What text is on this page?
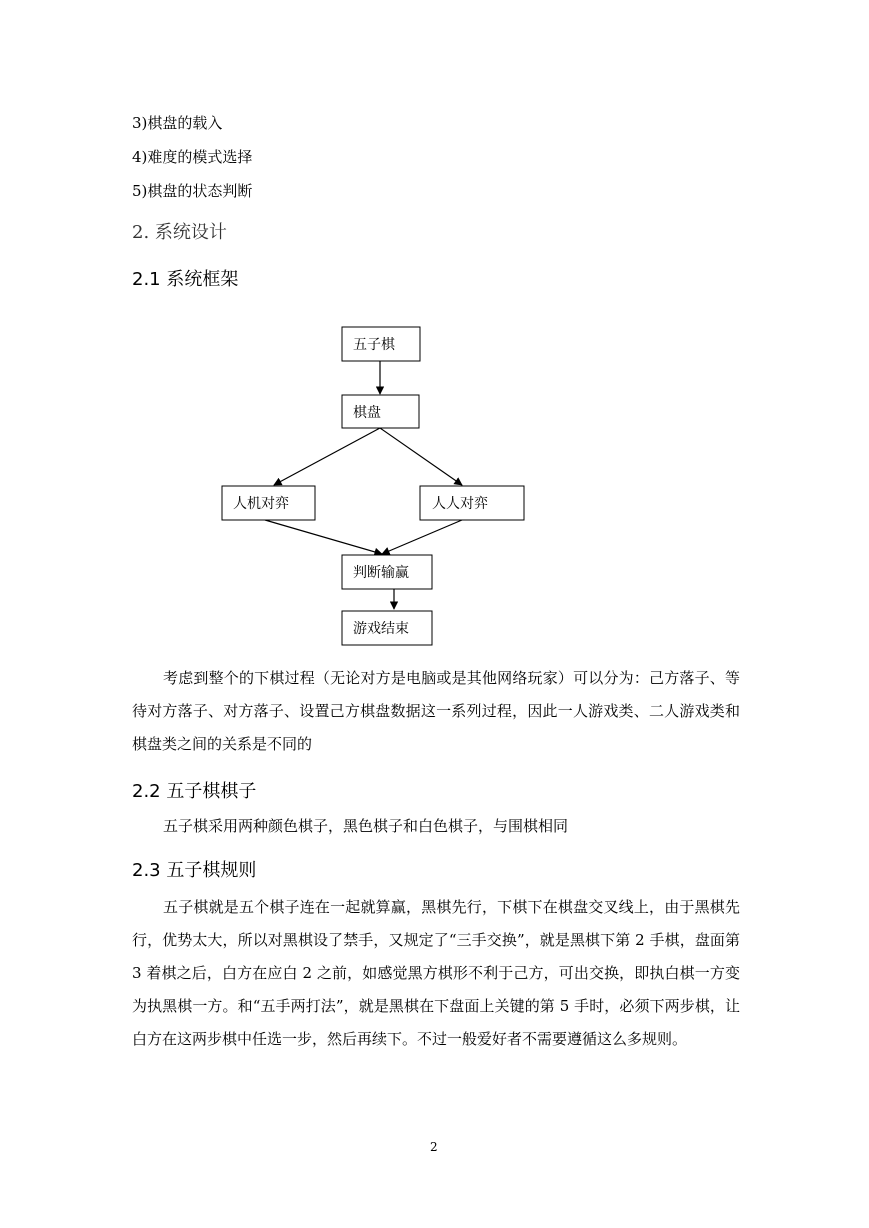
3)棋盘的载入
4)难度的模式选择
5)棋盘的状态判断
2. 系统设计
2.1 系统框架
五子棋
棋盘
人机对弈	人人对弈
判断输赢
游戏结束

考虑到整个的下棋过程（无论对方是电脑或是其他网络玩家）可以分为：己方落子、等待对方落子、对方落子、设置己方棋盘数据这一系列过程，因此一人游戏类、二人游戏类和棋盘类之间的关系是不同的

2.2 五子棋棋子

五子棋采用两种颜色棋子，黑色棋子和白色棋子，与围棋相同

2.3 五子棋规则

五子棋就是五个棋子连在一起就算赢，黑棋先行，下棋下在棋盘交叉线上，由于黑棋先行，优势太大，所以对黑棋设了禁手，又规定了“三手交换”，就是黑棋下第 2 手棋，盘面第 3 着棋之后，白方在应白 2 之前，如感觉黑方棋形不利于己方，可出交换，即执白棋一方变为执黑棋一方。和“五手两打法”，就是黑棋在下盘面上关键的第 5 手时，必须下两步棋，让白方在这两步棋中任选一步，然后再续下。不过一般爱好者不需要遵循这么多规则。

2
